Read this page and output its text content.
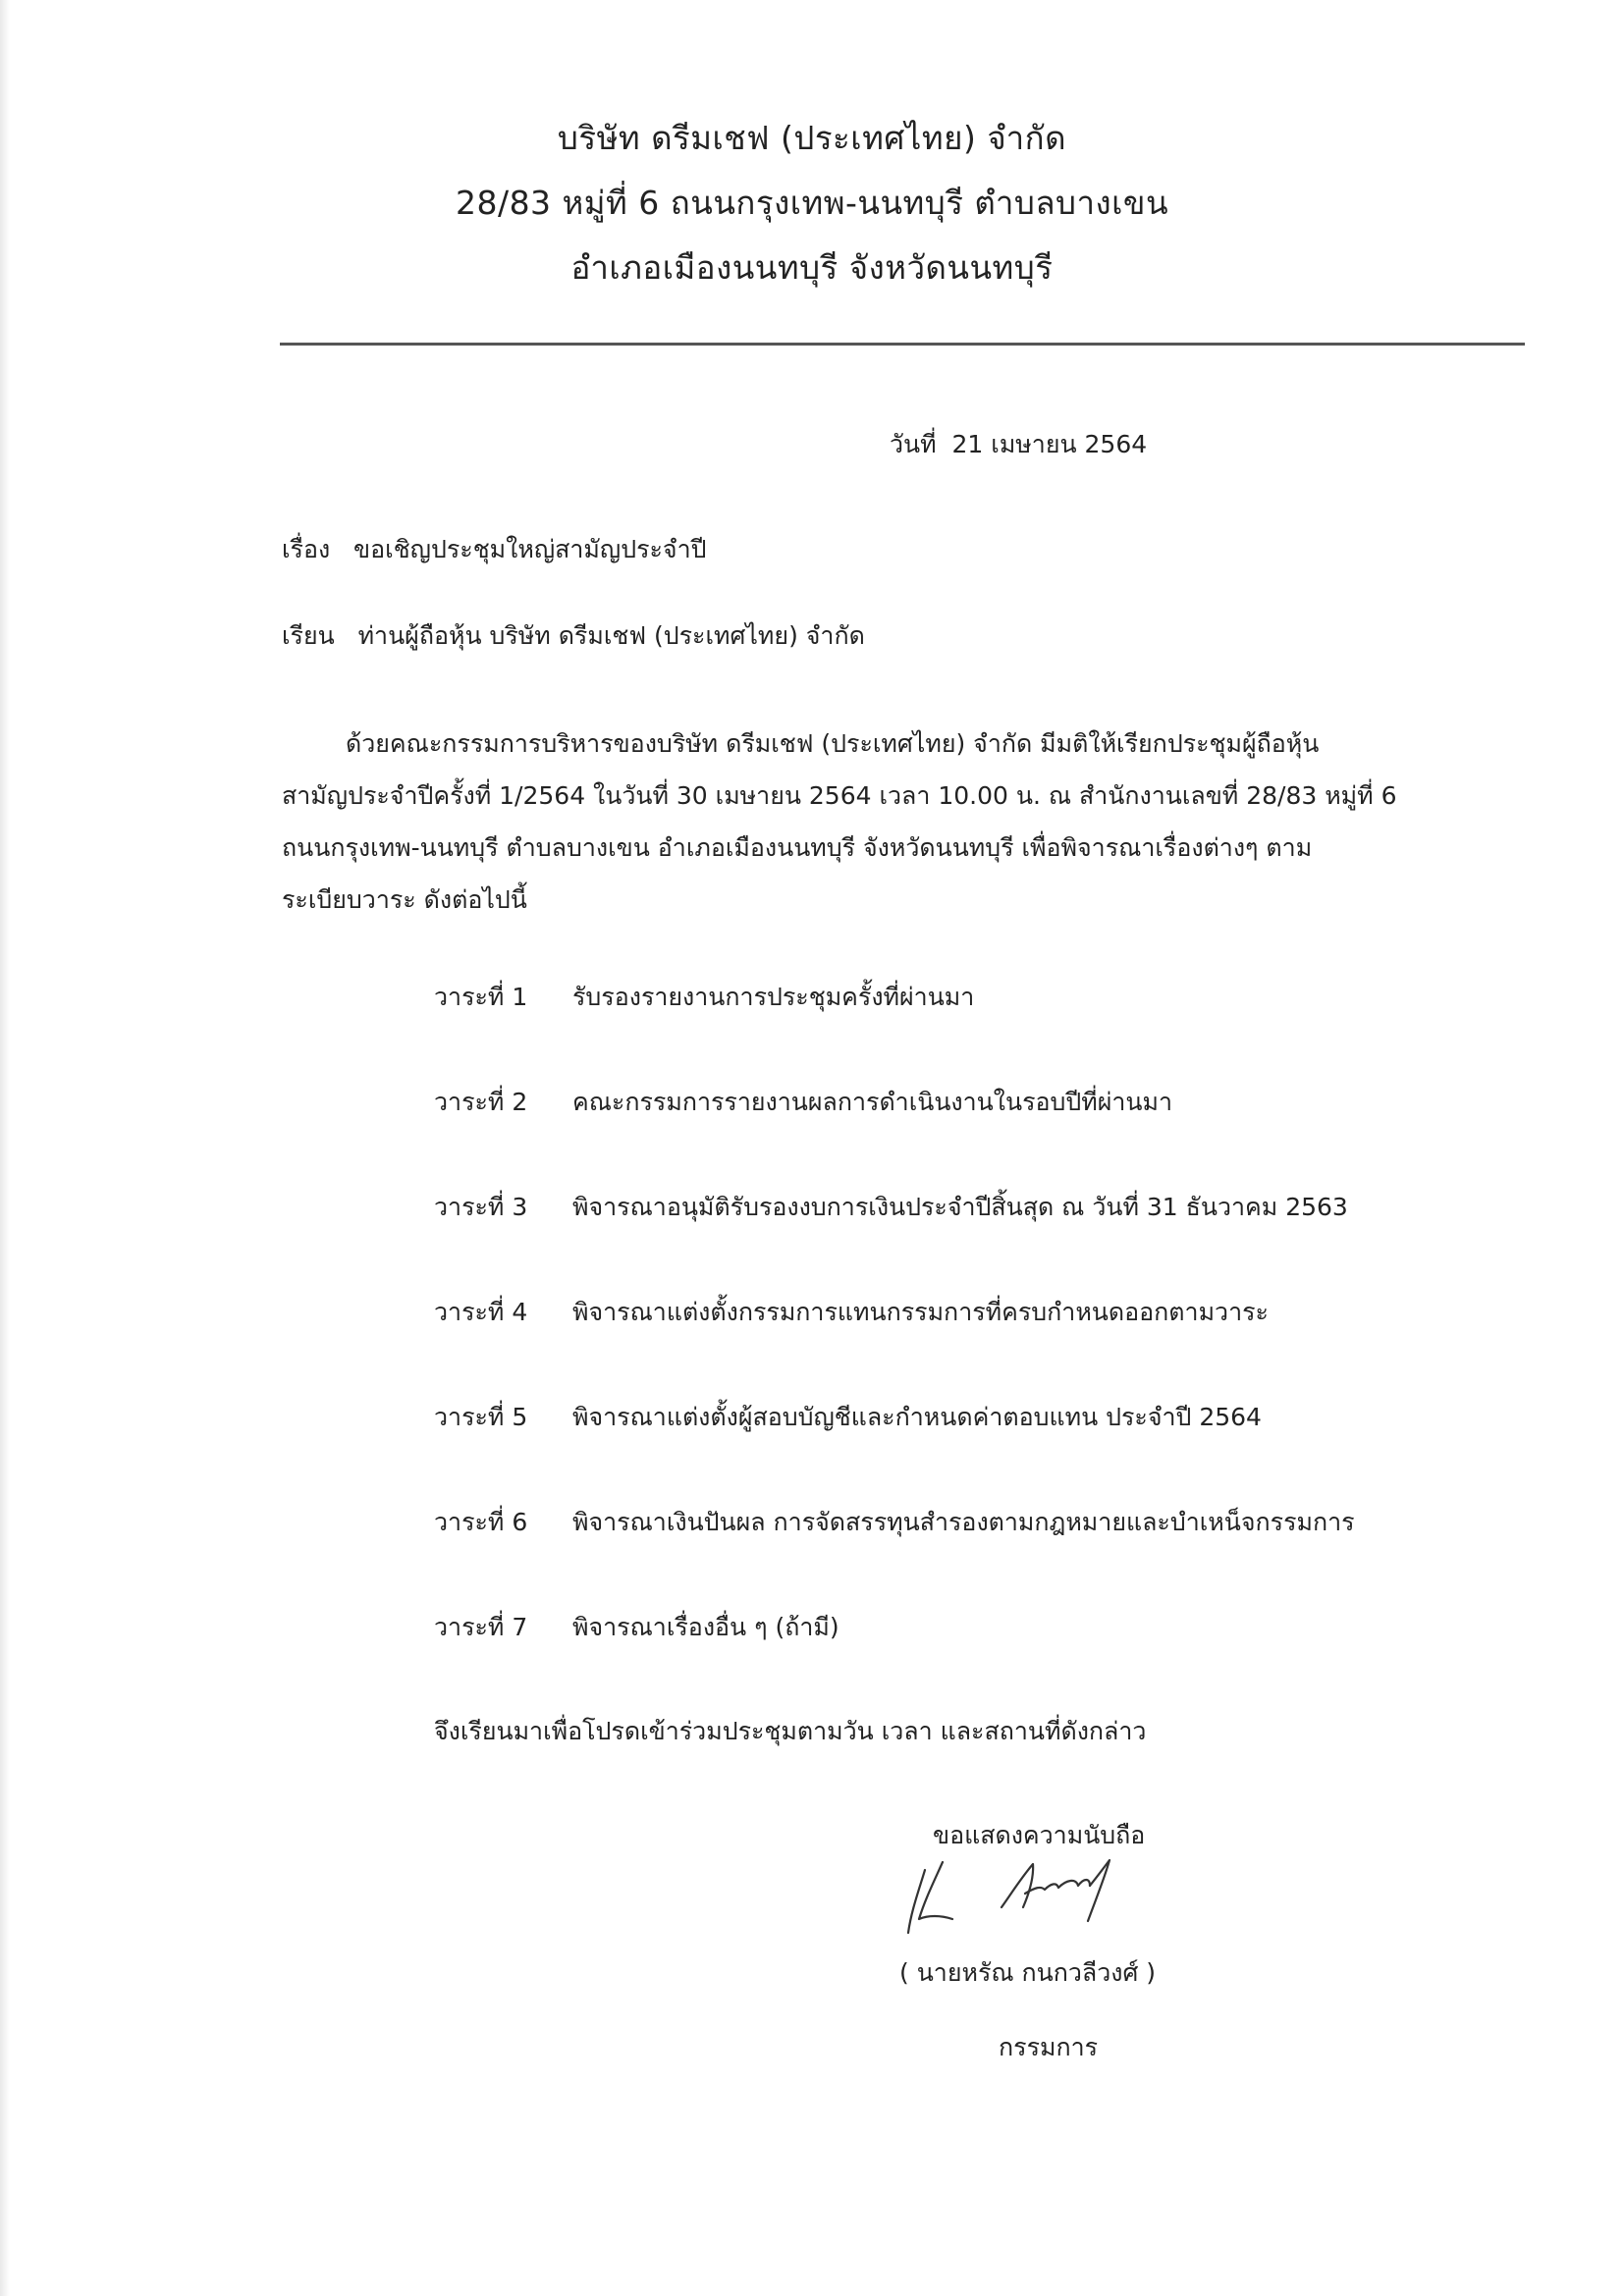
บริษัท ดรีมเชฟ (ประเทศไทย) จำกัด
28/83 หมู่ที่ 6 ถนนกรุงเทพ-นนทบุรี ตำบลบางเขน
อำเภอเมืองนนทบุรี จังหวัดนนทบุรี
วันที่ 21 เมษายน 2564
เรื่อง ขอเชิญประชุมใหญ่สามัญประจำปี
เรียน ท่านผู้ถือหุ้น บริษัท ดรีมเชฟ (ประเทศไทย) จำกัด
ด้วยคณะกรรมการบริหารของบริษัท ดรีมเชฟ (ประเทศไทย) จำกัด มีมติให้เรียกประชุมผู้ถือหุ้น
สามัญประจำปีครั้งที่ 1/2564 ในวันที่ 30 เมษายน 2564 เวลา 10.00 น. ณ สำนักงานเลขที่ 28/83 หมู่ที่ 6
ถนนกรุงเทพ-นนทบุรี ตำบลบางเขน อำเภอเมืองนนทบุรี จังหวัดนนทบุรี เพื่อพิจารณาเรื่องต่างๆ ตาม
ระเบียบวาระ ดังต่อไปนี้
วาระที่ 1 รับรองรายงานการประชุมครั้งที่ผ่านมา
วาระที่ 2 คณะกรรมการรายงานผลการดำเนินงานในรอบปีที่ผ่านมา
วาระที่ 3 พิจารณาอนุมัติรับรองงบการเงินประจำปีสิ้นสุด ณ วันที่ 31 ธันวาคม 2563
วาระที่ 4 พิจารณาแต่งตั้งกรรมการแทนกรรมการที่ครบกำหนดออกตามวาระ
วาระที่ 5 พิจารณาแต่งตั้งผู้สอบบัญชีและกำหนดค่าตอบแทน ประจำปี 2564
วาระที่ 6 พิจารณาเงินปันผล การจัดสรรทุนสำรองตามกฎหมายและบำเหน็จกรรมการ
วาระที่ 7 พิจารณาเรื่องอื่น ๆ (ถ้ามี)
จึงเรียนมาเพื่อโปรดเข้าร่วมประชุมตามวัน เวลา และสถานที่ดังกล่าว
ขอแสดงความนับถือ
( นายหรัณ กนกวลีวงศ์ )
กรรมการ
